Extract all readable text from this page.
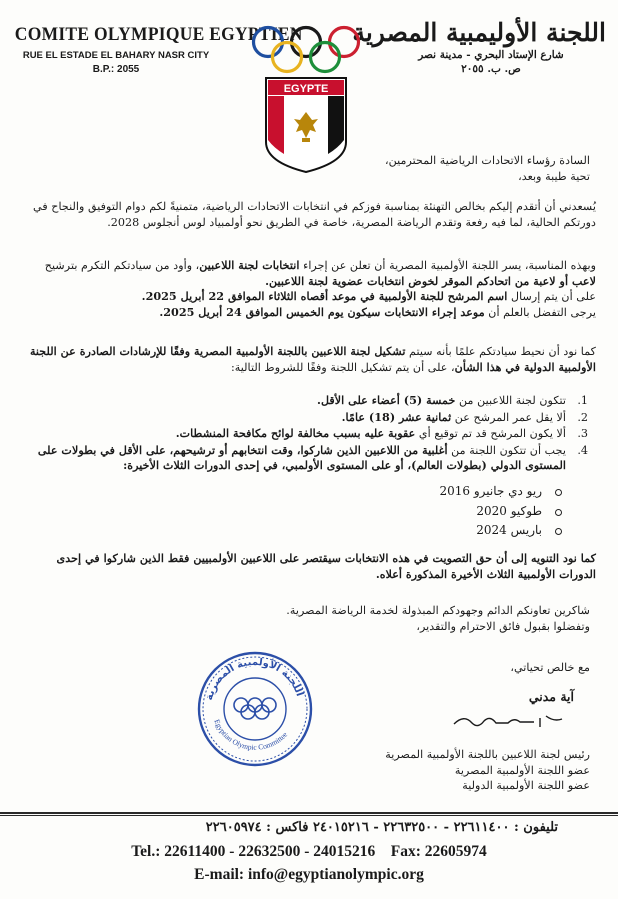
COMITE OLYMPIQUE EGYPTIEN
RUE EL ESTADE EL BAHARY NASR CITY
B.P.: 2055
اللجنة الأوليمبية المصرية
شارع الإستاد البحري - مدينة نصر
ص. ب. ٢٠٥٥
EGYPTE
السادة رؤساء الاتحادات الرياضية المحترمين،
تحية طيبة وبعد،
يُسعدني أن أتقدم إليكم بخالص التهنئة بمناسبة فوزكم في انتخابات الاتحادات الرياضية، متمنيةً لكم دوام التوفيق والنجاح في دورتكم الحالية، لما فيه رفعة وتقدم الرياضة المصرية، خاصة في الطريق نحو أولمبياد لوس أنجلوس 2028.
وبهذه المناسبة، يسر اللجنة الأولمبية المصرية أن تعلن عن إجراء انتخابات لجنة اللاعبين، وأود من سيادتكم التكرم بترشيح لاعب أو لاعبة من اتحادكم الموقر لخوض انتخابات عضوية لجنة اللاعبين.
على أن يتم إرسال اسم المرشح للجنة الأولمبية في موعد أقصاه الثلاثاء الموافق 22 أبريل 2025.
يرجى التفضل بالعلم أن موعد إجراء الانتخابات سيكون يوم الخميس الموافق 24 أبريل 2025.
كما نود أن نحيط سيادتكم علمًا بأنه سيتم تشكيل لجنة اللاعبين باللجنة الأولمبية المصرية وفقًا للإرشادات الصادرة عن اللجنة الأولمبية الدولية في هذا الشأن، على أن يتم تشكيل اللجنة وفقًا للشروط التالية:
1.
تتكون لجنة اللاعبين من خمسة (5) أعضاء على الأقل.
2.
ألا يقل عمر المرشح عن ثمانية عشر (18) عامًا.
3.
ألا يكون المرشح قد تم توقيع أي عقوبة عليه بسبب مخالفة لوائح مكافحة المنشطات.
4.
يجب أن تتكون اللجنة من أغلبية من اللاعبين الذين شاركوا، وقت انتخابهم أو ترشيحهم، على الأقل في بطولات على المستوى الدولي (بطولات العالم)، أو على المستوى الأولمبي، في إحدى الدورات الثلاث الأخيرة:
ريو دي جانيرو 2016
طوكيو 2020
باريس 2024
كما نود التنويه إلى أن حق التصويت في هذه الانتخابات سيقتصر على اللاعبين الأولمبيين فقط الذين شاركوا في إحدى الدورات الأولمبية الثلاث الأخيرة المذكورة أعلاه.
شاكرين تعاونكم الدائم وجهودكم المبذولة لخدمة الرياضة المصرية.
وتفضلوا بقبول فائق الاحترام والتقدير،
مع خالص تحياتي،
اللجنة الأولمبية المصرية
Egyptian Olympic Committee
آية مدني
رئيس لجنة اللاعبين باللجنة الأولمبية المصرية
عضو اللجنة الأولمبية المصرية
عضو اللجنة الأولمبية الدولية
تليفون : ٢٢٦١١٤٠٠ - ٢٢٦٣٢٥٠٠ - ٢٤٠١٥٢١٦ فاكس : ٢٢٦٠٥٩٧٤
Tel.: 22611400 - 22632500 - 24015216    Fax: 22605974
E-mail: info@egyptianolympic.org
